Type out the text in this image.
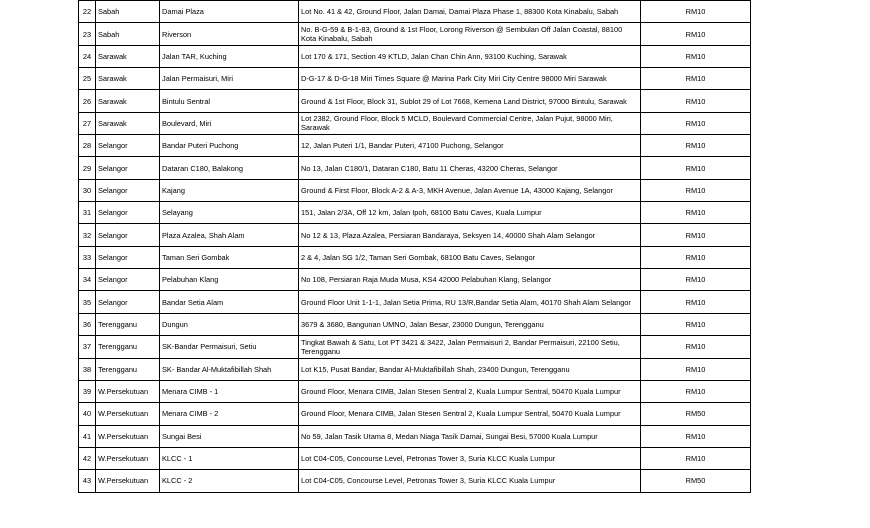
22	Sabah	Damai Plaza	Lot No. 41 & 42, Ground Floor, Jalan Damai, Damai Plaza Phase 1, 88300 Kota Kinabalu, Sabah	RM10
23	Sabah	Riverson	No. B-G-59 & B-1-83, Ground & 1st Floor, Lorong Riverson @ Sembulan Off Jalan Coastal, 88100 Kota Kinabalu, Sabah	RM10
24	Sarawak	Jalan TAR, Kuching	Lot 170 & 171, Section 49 KTLD, Jalan Chan Chin Ann, 93100 Kuching, Sarawak	RM10
25	Sarawak	Jalan Permaisuri, Miri	D-G-17 & D-G-18 Miri Times Square @ Marina Park City Miri City Centre 98000 Miri Sarawak	RM10
26	Sarawak	Bintulu Sentral	Ground & 1st Floor, Block 31, Sublot 29 of Lot 7668, Kemena Land District, 97000 Bintulu, Sarawak	RM10
27	Sarawak	Boulevard, Miri	Lot 2382, Ground Floor, Block 5 MCLD, Boulevard Commercial Centre, Jalan Pujut, 98000 Miri, Sarawak	RM10
28	Selangor	Bandar Puteri Puchong	12, Jalan Puteri 1/1, Bandar Puteri, 47100 Puchong, Selangor	RM10
29	Selangor	Dataran C180, Balakong	No 13, Jalan C180/1, Dataran C180, Batu 11 Cheras, 43200 Cheras, Selangor	RM10
30	Selangor	Kajang	Ground & First Floor, Block A-2 & A-3, MKH Avenue, Jalan Avenue 1A, 43000 Kajang, Selangor	RM10
31	Selangor	Selayang	151, Jalan 2/3A, Off 12 km, Jalan Ipoh, 68100 Batu Caves, Kuala Lumpur	RM10
32	Selangor	Plaza Azalea, Shah Alam	No 12 & 13, Plaza Azalea, Persiaran Bandaraya, Seksyen 14, 40000 Shah Alam Selangor	RM10
33	Selangor	Taman Seri Gombak	2 & 4, Jalan SG 1/2, Taman Seri Gombak, 68100 Batu Caves, Selangor	RM10
34	Selangor	Pelabuhan Klang	No 108, Persiaran Raja Muda Musa, KS4 42000 Pelabuhan Klang, Selangor	RM10
35	Selangor	Bandar Setia Alam	Ground Floor Unit 1-1-1, Jalan Setia Prima, RU 13/R,Bandar Setia Alam, 40170 Shah Alam Selangor	RM10
36	Terengganu	Dungun	3679 & 3680, Bangunan UMNO, Jalan Besar, 23000 Dungun, Terengganu	RM10
37	Terengganu	SK-Bandar Permaisuri, Setiu	Tingkat Bawah & Satu, Lot PT 3421 & 3422, Jalan Permaisuri 2, Bandar Permaisuri, 22100 Setiu, Terengganu	RM10
38	Terengganu	SK- Bandar Al-Muktafibillah Shah	Lot K15, Pusat Bandar, Bandar Al-Muktafibillah Shah, 23400 Dungun, Terengganu	RM10
39	W.Persekutuan	Menara CIMB - 1	Ground Floor, Menara CIMB, Jalan Stesen Sentral 2, Kuala Lumpur Sentral, 50470 Kuala Lumpur	RM10
40	W.Persekutuan	Menara CIMB - 2	Ground Floor, Menara CIMB, Jalan Stesen Sentral 2, Kuala Lumpur Sentral, 50470 Kuala Lumpur	RM50
41	W.Persekutuan	Sungai Besi	No 59, Jalan Tasik Utama 8, Medan Niaga Tasik Damai, Sungai Besi, 57000 Kuala Lumpur	RM10
42	W.Persekutuan	KLCC - 1	Lot C04-C05, Concourse Level, Petronas Tower 3, Suria KLCC Kuala Lumpur	RM10
43	W.Persekutuan	KLCC - 2	Lot C04-C05, Concourse Level, Petronas Tower 3, Suria KLCC Kuala Lumpur	RM50
